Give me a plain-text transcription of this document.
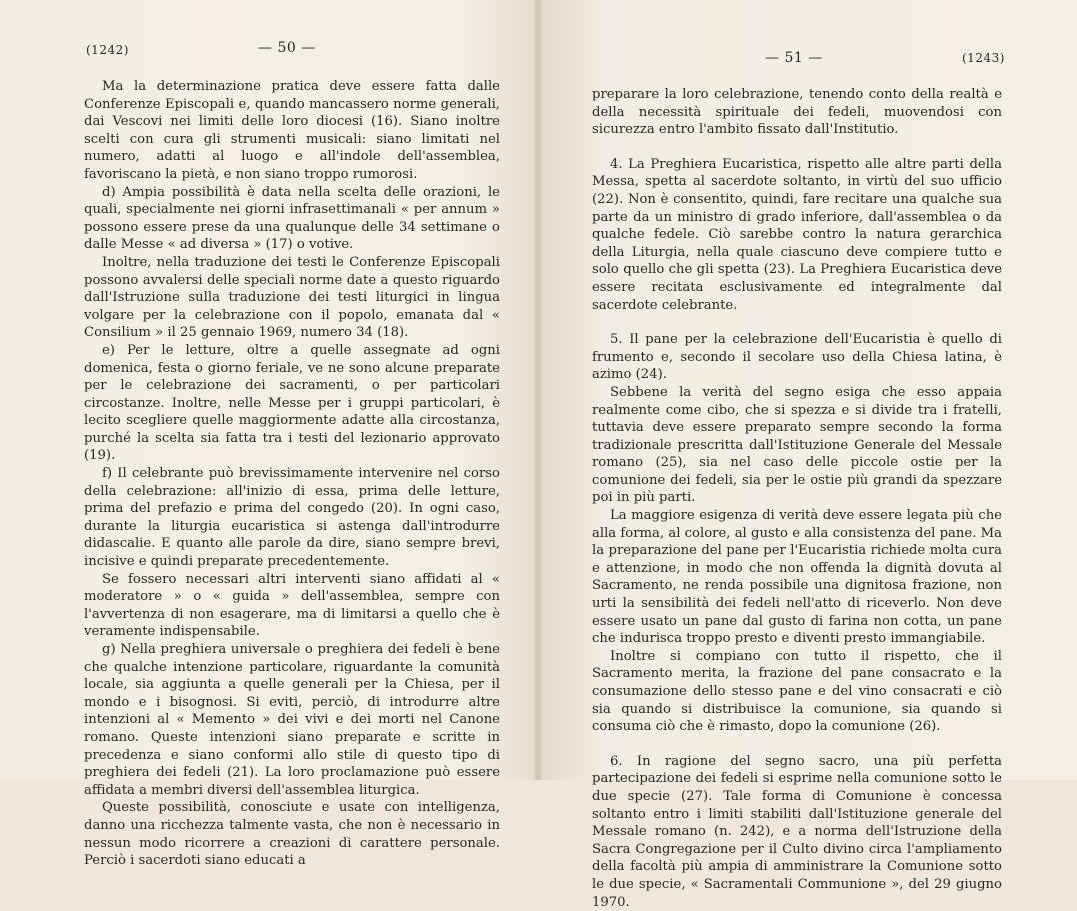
(1242)	— 50 —
— 51 —	(1243)

Ma la determinazione pratica deve essere fatta dalle Conferenze Episcopali e, quando mancassero norme generali, dai Vescovi nei limiti delle loro diocesi (16). Siano inoltre scelti con cura gli strumenti musicali: siano limitati nel numero, adatti al luogo e all'indole dell'assemblea, favoriscano la pietà, e non siano troppo rumorosi.

d) Ampia possibilità è data nella scelta delle orazioni, le quali, specialmente nei giorni infrasettimanali « per annum » possono essere prese da una qualunque delle 34 settimane o dalle Messe « ad diversa » (17) o votive.

Inoltre, nella traduzione dei testi le Conferenze Episcopali possono avvalersi delle speciali norme date a questo riguardo dall'Istruzione sulla traduzione dei testi liturgici in lingua volgare per la celebrazione con il popolo, emanata dal « Consilium » il 25 gennaio 1969, numero 34 (18).

e) Per le letture, oltre a quelle assegnate ad ogni domenica, festa o giorno feriale, ve ne sono alcune preparate per le celebrazione dei sacramenti, o per particolari circostanze. Inoltre, nelle Messe per i gruppi particolari, è lecito scegliere quelle maggiormente adatte alla circostanza, purché la scelta sia fatta tra i testi del lezionario approvato (19).

f) Il celebrante può brevissimamente intervenire nel corso della celebrazione: all'inizio di essa, prima delle letture, prima del prefazio e prima del congedo (20). In ogni caso, durante la liturgia eucaristica si astenga dall'introdurre didascalie. E quanto alle parole da dire, siano sempre brevi, incisive e quindi preparate precedentemente.

Se fossero necessari altri interventi siano affidati al « moderatore » o « guida » dell'assemblea, sempre con l'avvertenza di non esagerare, ma di limitarsi a quello che è veramente indispensabile.

g) Nella preghiera universale o preghiera dei fedeli è bene che qualche intenzione particolare, riguardante la comunità locale, sia aggiunta a quelle generali per la Chiesa, per il mondo e i bisognosi. Si eviti, perciò, di introdurre altre intenzioni al « Memento » dei vivi e dei morti nel Canone romano. Queste intenzioni siano preparate e scritte in precedenza e siano conformi allo stile di questo tipo di preghiera dei fedeli (21). La loro proclamazione può essere affidata a membri diversi dell'assemblea liturgica.

Queste possibilità, conosciute e usate con intelligenza, danno una ricchezza talmente vasta, che non è necessario in nessun modo ricorrere a creazioni di carattere personale. Perciò i sacerdoti siano educati a

preparare la loro celebrazione, tenendo conto della realtà e della necessità spirituale dei fedeli, muovendosi con sicurezza entro l'ambito fissato dall'Institutio.

4. La Preghiera Eucaristica, rispetto alle altre parti della Messa, spetta al sacerdote soltanto, in virtù del suo ufficio (22). Non è consentito, quindi, fare recitare una qualche sua parte da un ministro di grado inferiore, dall'assemblea o da qualche fedele. Ciò sarebbe contro la natura gerarchica della Liturgia, nella quale ciascuno deve compiere tutto e solo quello che gli spetta (23). La Preghiera Eucaristica deve essere recitata esclusivamente ed integralmente dal sacerdote celebrante.

5. Il pane per la celebrazione dell'Eucaristia è quello di frumento e, secondo il secolare uso della Chiesa latina, è azimo (24).

Sebbene la verità del segno esiga che esso appaia realmente come cibo, che si spezza e si divide tra i fratelli, tuttavia deve essere preparato sempre secondo la forma tradizionale prescritta dall'Istituzione Generale del Messale romano (25), sia nel caso delle piccole ostie per la comunione dei fedeli, sia per le ostie più grandi da spezzare poi in più parti.

La maggiore esigenza di verità deve essere legata più che alla forma, al colore, al gusto e alla consistenza del pane. Ma la preparazione del pane per l'Eucaristia richiede molta cura e attenzione, in modo che non offenda la dignità dovuta al Sacramento, ne renda possibile una dignitosa frazione, non urti la sensibilità dei fedeli nell'atto di riceverlo. Non deve essere usato un pane dal gusto di farina non cotta, un pane che indurisca troppo presto e diventi presto immangiabile.

Inoltre si compiano con tutto il rispetto, che il Sacramento merita, la frazione del pane consacrato e la consumazione dello stesso pane e del vino consacrati e ciò sia quando si distribuisce la comunione, sia quando si consuma ciò che è rimasto, dopo la comunione (26).

6. In ragione del segno sacro, una più perfetta partecipazione dei fedeli si esprime nella comunione sotto le due specie (27). Tale forma di Comunione è concessa soltanto entro i limiti stabiliti dall'Istituzione generale del Messale romano (n. 242), e a norma dell'Istruzione della Sacra Congregazione per il Culto divino circa l'ampliamento della facoltà più ampia di amministrare la Comunione sotto le due specie, « Sacramentali Communione », del 29 giugno 1970.
